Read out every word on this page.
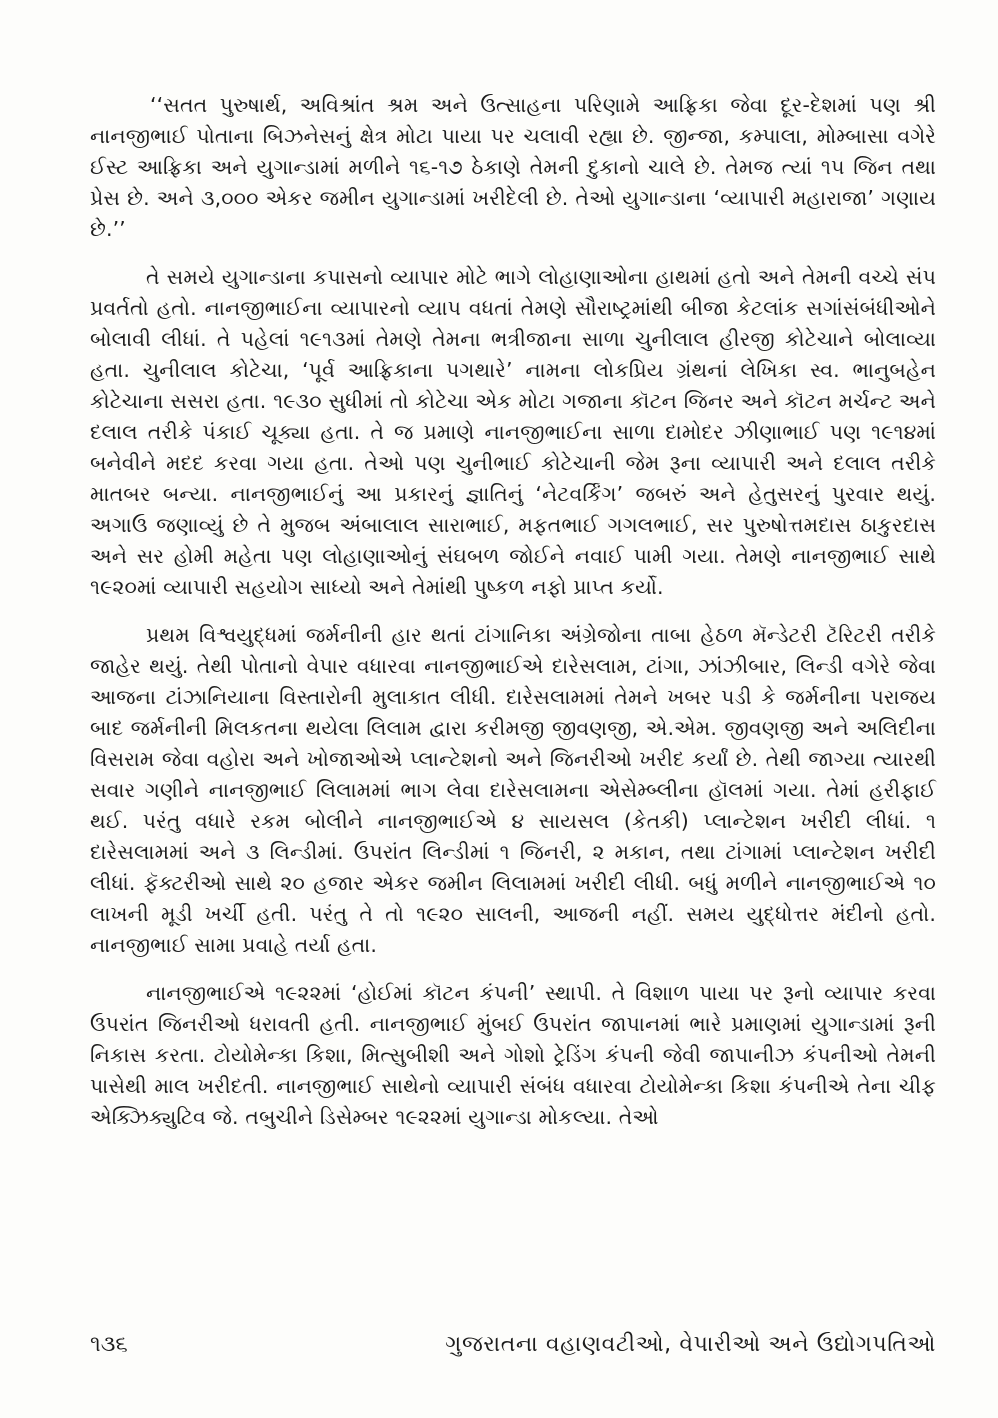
‘‘સતત પુરુષાર્થ, અવિશ્રાંત શ્રમ અને ઉત્સાહના પરિણામે આફ્રિકા જેવા દૂર-દેશમાં પણ શ્રી નાનજીભાઈ પોતાના બિઝનેસનું ક્ષેત્ર મોટા પાયા પર ચલાવી રહ્યા છે. જીન્જા, કમ્પાલા, મોમ્બાસા વગેરે ઈસ્ટ આફ્રિકા અને યુગાન્ડામાં મળીને ૧૬-૧૭ ઠેકાણે તેમની દુકાનો ચાલે છે. તેમજ ત્યાં ૧૫ જિન તથા પ્રેસ છે. અને ૩,૦૦૦ એકર જમીન યુગાન્ડામાં ખરીદેલી છે. તેઓ યુગાન્ડાના ‘વ્યાપારી મહારાજા’ ગણાય છે.’’

તે સમયે યુગાન્ડાના કપાસનો વ્યાપાર મોટે ભાગે લોહાણાઓના હાથમાં હતો અને તેમની વચ્ચે સંપ પ્રવર્તતો હતો. નાનજીભાઈના વ્યાપારનો વ્યાપ વધતાં તેમણે સૌરાષ્ટ્રમાંથી બીજા કેટલાંક સગાંસંબંધીઓને બોલાવી લીધાં. તે પહેલાં ૧૯૧૩માં તેમણે તેમના ભત્રીજાના સાળા ચુનીલાલ હીરજી કોટેચાને બોલાવ્યા હતા. ચુનીલાલ કોટેચા, ‘પૂર્વ આફ્રિકાના પગથારે’ નામના લોકપ્રિય ગ્રંથનાં લેખિકા સ્વ. ભાનુબહેન કોટેચાના સસરા હતા. ૧૯૩૦ સુધીમાં તો કોટેચા એક મોટા ગજાના કૉટન જિનર અને કૉટન મર્ચન્ટ અને દલાલ તરીકે પંકાઈ ચૂક્યા હતા. તે જ પ્રમાણે નાનજીભાઈના સાળા દામોદર ઝીણાભાઈ પણ ૧૯૧૪માં બનેવીને મદદ કરવા ગયા હતા. તેઓ પણ ચુનીભાઈ કોટેચાની જેમ રૂના વ્યાપારી અને દલાલ તરીકે માતબર બન્યા. નાનજીભાઈનું આ પ્રકારનું જ્ઞાતિનું ‘નેટવર્કિંગ’ જબરું અને હેતુસરનું પુરવાર થયું. અગાઉ જણાવ્યું છે તે મુજબ અંબાલાલ સારાભાઈ, મફતભાઈ ગગલભાઈ, સર પુરુષોત્તમદાસ ઠાકુરદાસ અને સર હોમી મહેતા પણ લોહાણાઓનું સંઘબળ જોઈને નવાઈ પામી ગયા. તેમણે નાનજીભાઈ સાથે ૧૯૨૦માં વ્યાપારી સહયોગ સાધ્યો અને તેમાંથી પુષ્કળ નફો પ્રાપ્ત કર્યો.

પ્રથમ વિશ્વયુદ્ધમાં જર્મનીની હાર થતાં ટાંગાનિકા અંગ્રેજોના તાબા હેઠળ મૅન્ડેટરી ટૅરિટરી તરીકે જાહેર થયું. તેથી પોતાનો વેપાર વધારવા નાનજીભાઈએ દારેસલામ, ટાંગા, ઝાંઝીબાર, લિન્ડી વગેરે જેવા આજના ટાંઝાનિયાના વિસ્તારોની મુલાકાત લીધી. દારેસલામમાં તેમને ખબર પડી કે જર્મનીના પરાજય બાદ જર્મનીની મિલકતના થયેલા લિલામ દ્વારા કરીમજી જીવણજી, એ.એમ. જીવણજી અને અલિદીના વિસરામ જેવા વહોરા અને ખોજાઓએ પ્લાન્ટેશનો અને જિનરીઓ ખરીદ કર્યાં છે. તેથી જાગ્યા ત્યારથી સવાર ગણીને નાનજીભાઈ લિલામમાં ભાગ લેવા દારેસલામના એસેમ્બ્લીના હૉલમાં ગયા. તેમાં હરીફાઈ થઈ. પરંતુ વધારે રકમ બોલીને નાનજીભાઈએ ૪ સાયસલ (કેતકી) પ્લાન્ટેશન ખરીદી લીધાં. ૧ દારેસલામમાં અને ૩ લિન્ડીમાં. ઉપરાંત લિન્ડીમાં ૧ જિનરી, ૨ મકાન, તથા ટાંગામાં પ્લાન્ટેશન ખરીદી લીધાં. ફૅક્ટરીઓ સાથે ૨૦ હજાર એકર જમીન લિલામમાં ખરીદી લીધી. બધું મળીને નાનજીભાઈએ ૧૦ લાખની મૂડી ખર્ચી હતી. પરંતુ તે તો ૧૯૨૦ સાલની, આજની નહીં. સમય યુદ્ધોત્તર મંદીનો હતો. નાનજીભાઈ સામા પ્રવાહે તર્યા હતા.

નાનજીભાઈએ ૧૯૨૨માં ‘હોઈમાં કૉટન કંપની’ સ્થાપી. તે વિશાળ પાયા પર રૂનો વ્યાપાર કરવા ઉપરાંત જિનરીઓ ધરાવતી હતી. નાનજીભાઈ મુંબઈ ઉપરાંત જાપાનમાં ભારે પ્રમાણમાં યુગાન્ડામાં રૂની નિકાસ કરતા. ટોયોમેન્કા કિશા, મિત્સુબીશી અને ગોશો ટ્રેડિંગ કંપની જેવી જાપાનીઝ કંપનીઓ તેમની પાસેથી માલ ખરીદતી. નાનજીભાઈ સાથેનો વ્યાપારી સંબંધ વધારવા ટોયોમેન્કા કિશા કંપનીએ તેના ચીફ એક્ઝિક્યુટિવ જે. તબુચીને ડિસેમ્બર ૧૯૨૨માં યુગાન્ડા મોકલ્યા. તેઓ

૧૩૬	ગુજરાતના વહાણવટીઓ, વેપારીઓ અને ઉદ્યોગપતિઓ
